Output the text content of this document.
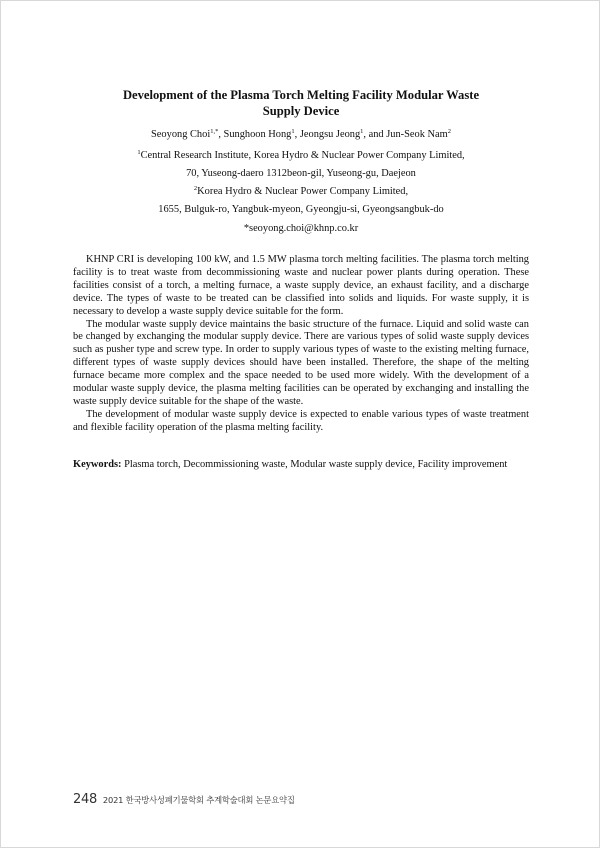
Development of the Plasma Torch Melting Facility Modular Waste Supply Device
Seoyong Choi$^{1,*}$, Sunghoon Hong$^1$, Jeongsu Jeong$^1$, and Jun-Seok Nam$^2$
$^1$Central Research Institute, Korea Hydro & Nuclear Power Company Limited,
70, Yuseong-daero 1312beon-gil, Yuseong-gu, Daejeon
$^2$Korea Hydro & Nuclear Power Company Limited,
1655, Bulguk-ro, Yangbuk-myeon, Gyeongju-si, Gyeongsangbuk-do
*seoyong.choi@khnp.co.kr

KHNP CRI is developing 100 kW, and 1.5 MW plasma torch melting facilities. The plasma torch melting facility is to treat waste from decommissioning waste and nuclear power plants during operation. These facilities consist of a torch, a melting furnace, a waste supply device, an exhaust facility, and a discharge device. The types of waste to be treated can be classified into solids and liquids. For waste supply, it is necessary to develop a waste supply device suitable for the form.

The modular waste supply device maintains the basic structure of the furnace. Liquid and solid waste can be changed by exchanging the modular supply device. There are various types of solid waste supply devices such as pusher type and screw type. In order to supply various types of waste to the existing melting furnace, different types of waste supply devices should have been installed. Therefore, the shape of the melting furnace became more complex and the space needed to be used more widely. With the development of a modular waste supply device, the plasma melting facilities can be operated by exchanging and installing the waste supply device suitable for the shape of the waste.

The development of modular waste supply device is expected to enable various types of waste treatment and flexible facility operation of the plasma melting facility.

Keywords: Plasma torch, Decommissioning waste, Modular waste supply device, Facility improvement
248 2021 한국방사성폐기물학회 추계학술대회 논문요약집
